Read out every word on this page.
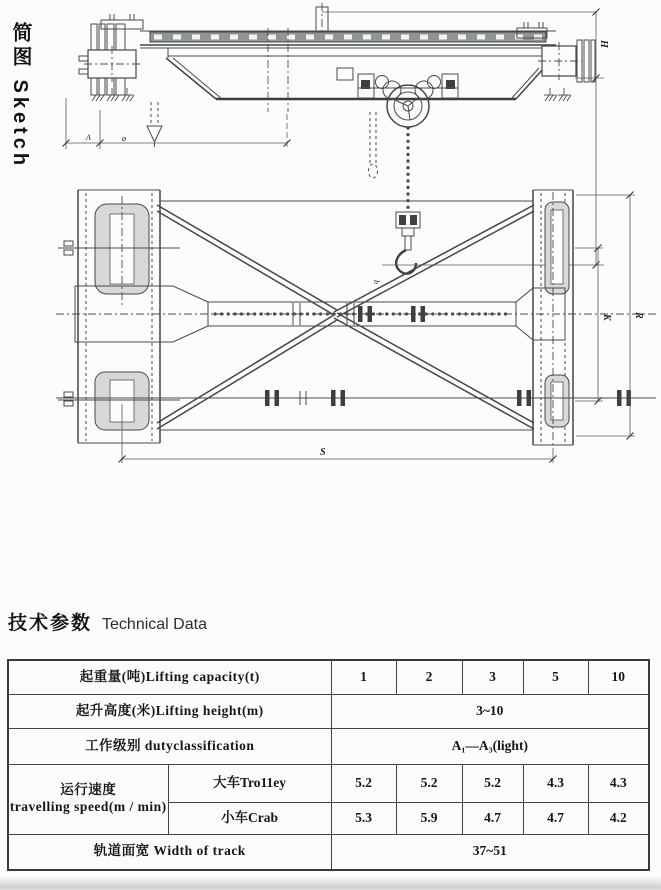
简图 Sketch	A	ø
H
h
S
K R
技术参数 Technical Data
起重量(吨)Lifting capacity(t)		1	2	3	5	10
起升高度(米)Lifting height(m)		3~10				
工作级别 dutyclassification		A₁—A₃(light)				

运行速度
travelling speed(m / min)	大车Tro11ey	5.2	5.2	5.2	4.3	4.3
	小车Crab	5.3	5.9	4.7	4.7	4.2
轨道面宽 Width of track		37~51				
